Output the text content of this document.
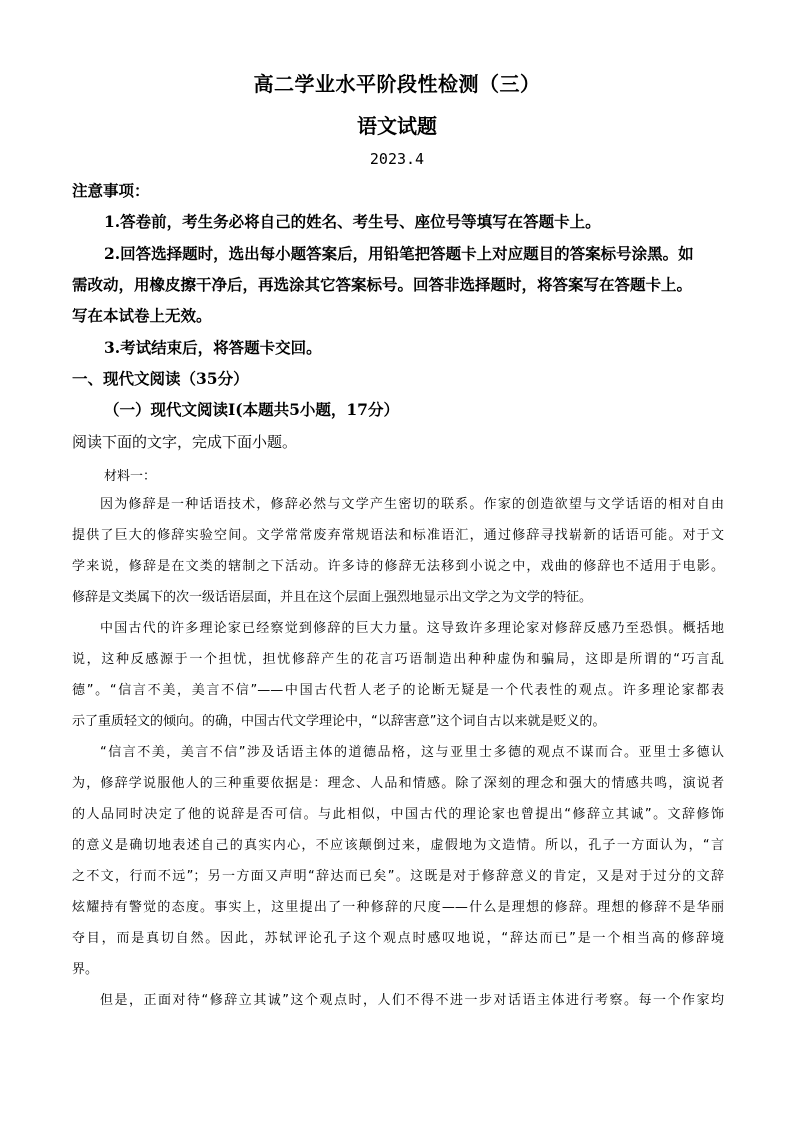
高二学业水平阶段性检测（三）
语文试题
2023.4
注意事项：
1.答卷前，考生务必将自己的姓名、考生号、座位号等填写在答题卡上。
2.回答选择题时，选出每小题答案后，用铅笔把答题卡上对应题目的答案标号涂黑。如
需改动，用橡皮擦干净后，再选涂其它答案标号。回答非选择题时，将答案写在答题卡上。
写在本试卷上无效。
3.考试结束后，将答题卡交回。
一、现代文阅读（35分）
（一）现代文阅读Ⅰ(本题共5小题，17分）
阅读下面的文字，完成下面小题。
材料一：
因为修辞是一种话语技术，修辞必然与文学产生密切的联系。作家的创造欲望与文学话语的相对自由
提供了巨大的修辞实验空间。文学常常废弃常规语法和标准语汇，通过修辞寻找崭新的话语可能。对于文
学来说，修辞是在文类的辖制之下活动。许多诗的修辞无法移到小说之中，戏曲的修辞也不适用于电影。
修辞是文类属下的次一级话语层面，并且在这个层面上强烈地显示出文学之为文学的特征。
中国古代的许多理论家已经察觉到修辞的巨大力量。这导致许多理论家对修辞反感乃至恐惧。概括地
说，这种反感源于一个担忧，担忧修辞产生的花言巧语制造出种种虚伪和骗局，这即是所谓的“巧言乱
德”。“信言不美，美言不信”——中国古代哲人老子的论断无疑是一个代表性的观点。许多理论家都表
示了重质轻文的倾向。的确，中国古代文学理论中，“以辞害意”这个词自古以来就是贬义的。
“信言不美，美言不信”涉及话语主体的道德品格，这与亚里士多德的观点不谋而合。亚里士多德认
为，修辞学说服他人的三种重要依据是：理念、人品和情感。除了深刻的理念和强大的情感共鸣，演说者
的人品同时决定了他的说辞是否可信。与此相似，中国古代的理论家也曾提出“修辞立其诚”。文辞修饰
的意义是确切地表述自己的真实内心，不应该颠倒过来，虚假地为文造情。所以，孔子一方面认为，“言
之不文，行而不远”；另一方面又声明“辞达而已矣”。这既是对于修辞意义的肯定，又是对于过分的文辞
炫耀持有警觉的态度。事实上，这里提出了一种修辞的尺度——什么是理想的修辞。理想的修辞不是华丽
夺目，而是真切自然。因此，苏轼评论孔子这个观点时感叹地说，“辞达而已”是一个相当高的修辞境
界。
但是，正面对待“修辞立其诚”这个观点时，人们不得不进一步对话语主体进行考察。每一个作家均
